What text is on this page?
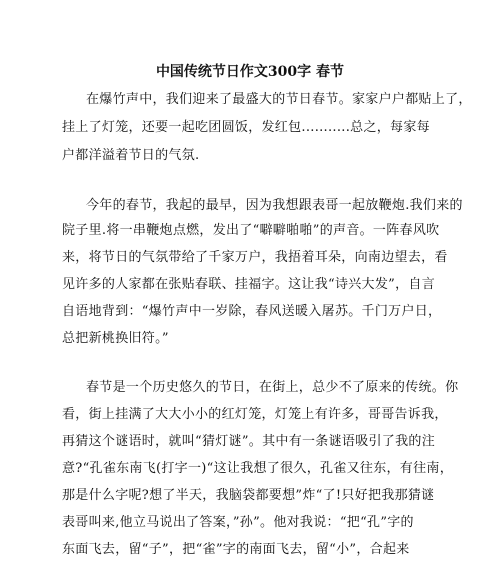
中国传统节日作文300字 春节
在爆竹声中，我们迎来了最盛大的节日春节。家家户户都贴上了，
挂上了灯笼，还要一起吃团圆饭，发红包...........总之，每家每
户都洋溢着节日的气氛.
今年的春节，我起的最早，因为我想跟表哥一起放鞭炮.我们来的
院子里.将一串鞭炮点燃，发出了“噼噼啪啪”的声音。一阵春风吹
来，将节日的气氛带给了千家万户，我捂着耳朵，向南边望去，看
见许多的人家都在张贴春联、挂福字。这让我“诗兴大发”，自言
自语地背到：“爆竹声中一岁除，春风送暖入屠苏。千门万户日，
总把新桃换旧符。”
春节是一个历史悠久的节日，在街上，总少不了原来的传统。你
看，街上挂满了大大小小的红灯笼，灯笼上有许多，哥哥告诉我，
再猜这个谜语时，就叫“猜灯谜”。其中有一条谜语吸引了我的注
意?“孔雀东南飞(打字一)“这让我想了很久，孔雀又往东，有往南，
那是什么字呢?想了半天，我脑袋都要想”炸“了!只好把我那猜谜
表哥叫来,他立马说出了答案，”孙”。他对我说：“把“孔”字的
东面飞去，留“子”，把“雀”字的南面飞去，留“小”，合起来
